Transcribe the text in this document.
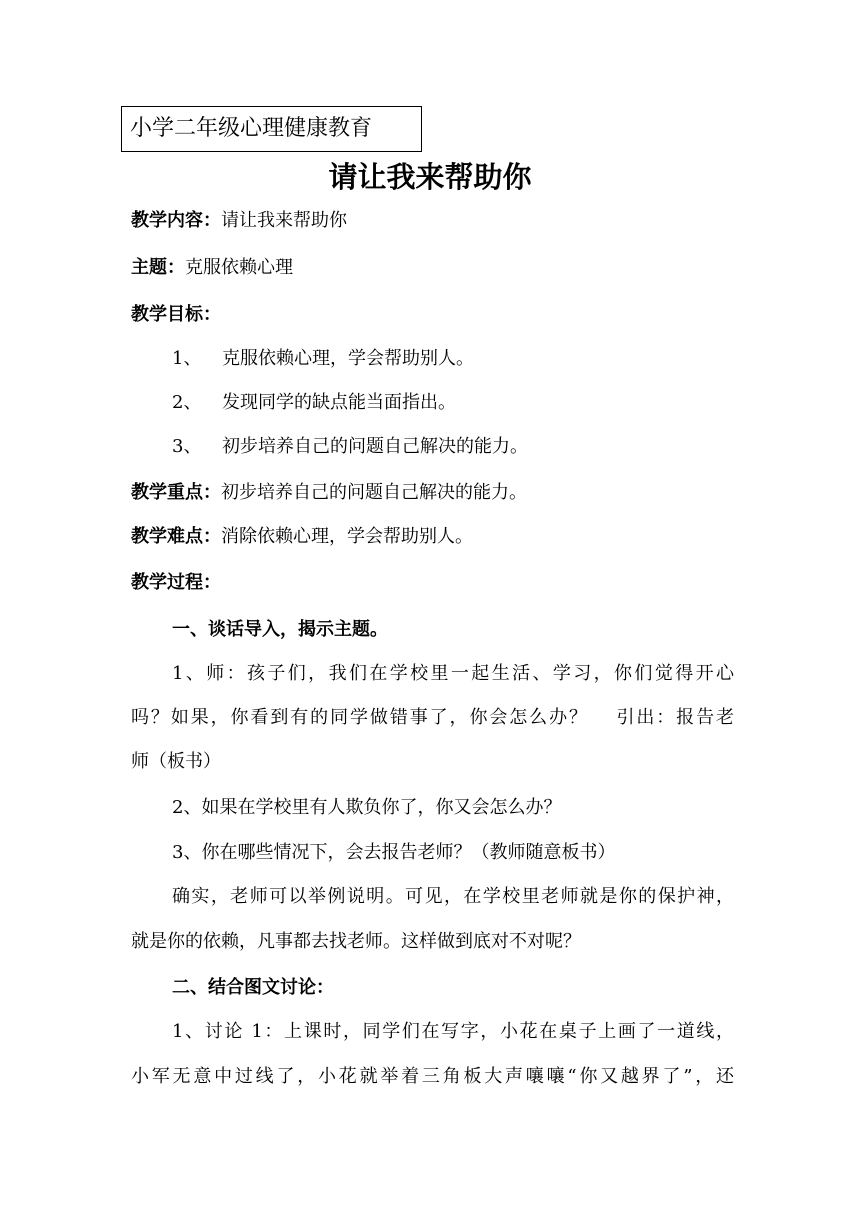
小学二年级心理健康教育
请让我来帮助你
教学内容：请让我来帮助你
主题：克服依赖心理
教学目标：
1、 克服依赖心理，学会帮助别人。
2、 发现同学的缺点能当面指出。
3、 初步培养自己的问题自己解决的能力。
教学重点：初步培养自己的问题自己解决的能力。
教学难点：消除依赖心理，学会帮助别人。
教学过程：
一、谈话导入，揭示主题。
1、师：孩子们，我们在学校里一起生活、学习，你们觉得开心
吗？如果，你看到有的同学做错事了，你会怎么办？　 引出：报告老
师（板书）
2、如果在学校里有人欺负你了，你又会怎么办？
3、你在哪些情况下，会去报告老师？（教师随意板书）
确实，老师可以举例说明。可见，在学校里老师就是你的保护神，
就是你的依赖，凡事都去找老师。这样做到底对不对呢？
二、结合图文讨论：
1、讨论 1：上课时，同学们在写字，小花在桌子上画了一道线，
小军无意中过线了，小花就举着三角板大声嚷嚷“你又越界了”，还
